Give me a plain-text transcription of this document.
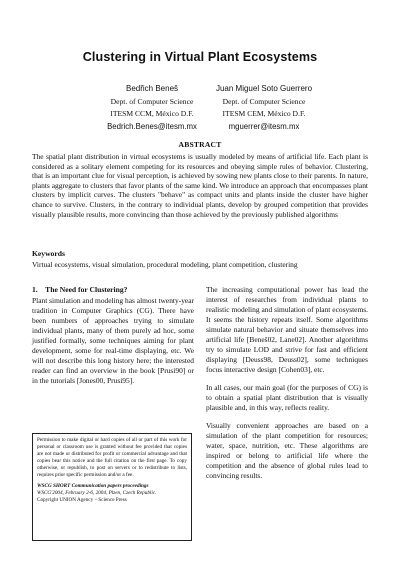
Clustering in Virtual Plant Ecosystems
Bedřich Beneš
Dept. of Computer Science
ITESM CCM, México D.F.
Bedrich.Benes@itesm.mx
Juan Miguel Soto Guerrero
Dept. of Computer Science
ITESM CEM, México D.F.
mguerrer@itesm.mx
ABSTRACT
The spatial plant distribution in virtual ecosystems is usually modeled by means of artificial life. Each plant is considered as a solitary element competing for its resources and obeying simple rules of behavior. Clustering, that is an important clue for visual perception, is achieved by sowing new plants close to their parents. In nature, plants aggregate to clusters that favor plants of the same kind. We introduce an approach that encompasses plant clusters by implicit curves. The clusters "behave" as compact units and plants inside the cluster have higher chance to survive. Clusters, in the contrary to individual plants, develop by grouped competition that provides visually plausible results, more convincing than those achieved by the previously published algorithms
Keywords
Virtual ecosystems, visual simulation, procedural modeling, plant competition, clustering
1.    The Need for Clustering?

Plant simulation and modeling has almost twenty-year tradition in Computer Graphics (CG). There have been numbers of approaches trying to simulate individual plants, many of them purely ad hoc, some justified formally, some techniques aiming for plant development, some for real-time displaying, etc. We will not describe this long history here; the interested reader can find an overview in the book [Prusi90] or in the tutorials [Jones00, Prusi95].

The increasing computational power has lead the interest of researches from individual plants to realistic modeling and simulation of plant ecosystems. It seems the history repeats itself. Some algorithms simulate natural behavior and situate themselves into artificial life [Beneš02, Lane02]. Another algorithms try to simulate LOD and strive for fast and efficient displaying [Deuss98, Deuss02], some techniques focus interactive design [Cohen03], etc.

In all cases, our main goal (for the purposes of CG) is to obtain a spatial plant distribution that is visually plausible and, in this way, reflects reality.

Visually convenient approaches are based on a simulation of the plant competition for resources; water, space, nutrition, etc. These algorithms are inspired or belong to artificial life where the competition and the absence of global rules lead to convincing results.

Permission to make digital or hard copies of all or part of this work for personal or classroom use is granted without fee provided that copies are not made or distributed for profit or commercial advantage and that copies bear this notice and the full citation on the first page. To copy otherwise, or republish, to post on servers or to redistribute to lists, requires prior specific permission and/or a fee.

WSCG SHORT Communication papers proceedings

WSCG'2004, February 2-6, 2004, Plzen, Czech Republic.

Copyright UNION Agency – Science Press
